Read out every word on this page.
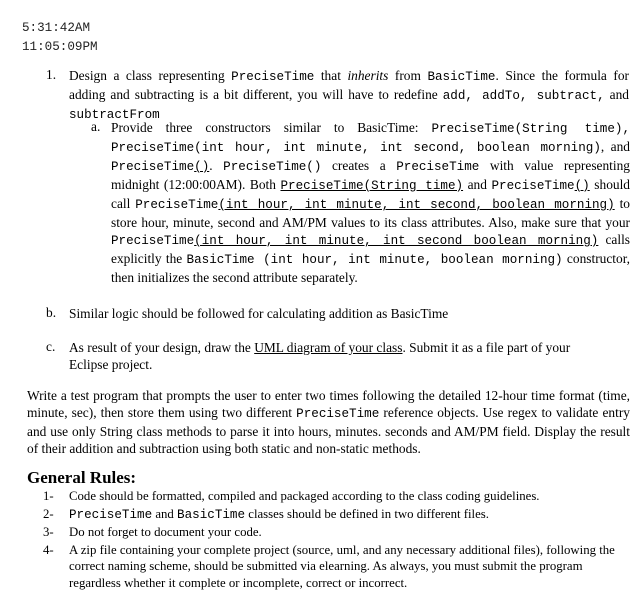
5:31:42AM
11:05:09PM
1. Design a class representing PreciseTime that inherits from BasicTime. Since the formula for adding and subtracting is a bit different, you will have to redefine add, addTo, subtract, and subtractFrom

a. Provide three constructors similar to BasicTime: PreciseTime(String time), PreciseTime(int hour, int minute, int second, boolean morning), and PreciseTime(). PreciseTime() creates a PreciseTime with value representing midnight (12:00:00AM). Both PreciseTime(String time) and PreciseTime() should call PreciseTime(int hour, int minute, int second, boolean morning) to store hour, minute, second and AM/PM values to its class attributes. Also, make sure that your PreciseTime(int hour, int minute, int second boolean morning) calls explicitly the BasicTime (int hour, int minute, boolean morning) constructor, then initializes the second attribute separately.

b. Similar logic should be followed for calculating addition as BasicTime

c. As result of your design, draw the UML diagram of your class. Submit it as a file part of your Eclipse project.

Write a test program that prompts the user to enter two times following the detailed 12-hour time format (time, minute, sec), then store them using two different PreciseTime reference objects. Use regex to validate entry and use only String class methods to parse it into hours, minutes. seconds and AM/PM field. Display the result of their addition and subtraction using both static and non-static methods.

General Rules:
1- Code should be formatted, compiled and packaged according to the class coding guidelines.
2- PreciseTime and BasicTime classes should be defined in two different files.
3- Do not forget to document your code.
4- A zip file containing your complete project (source, uml, and any necessary additional files), following the correct naming scheme, should be submitted via elearning. As always, you must submit the program regardless whether it complete or incomplete, correct or incorrect.
